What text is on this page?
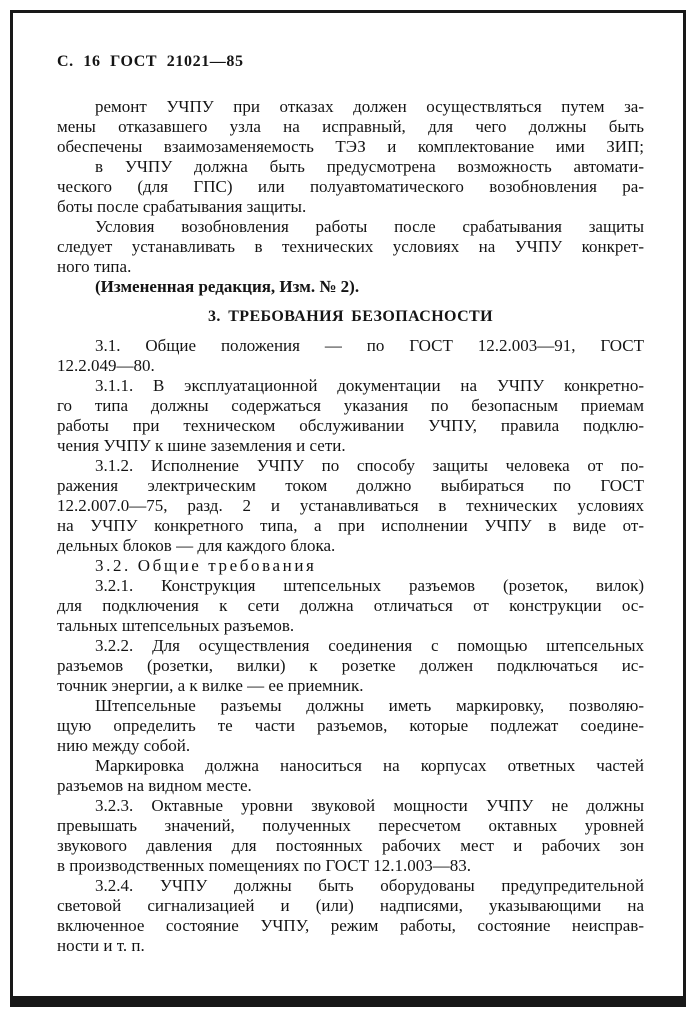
С. 16 ГОСТ 21021—85
ремонт УЧПУ при отказах должен осуществляться путем за-
мены отказавшего узла на исправный, для чего должны быть
обеспечены взаимозаменяемость ТЭЗ и комплектование ими ЗИП;
в УЧПУ должна быть предусмотрена возможность автомати-
ческого (для ГПС) или полуавтоматического возобновления ра-
боты после срабатывания защиты.
Условия возобновления работы после срабатывания защиты
следует устанавливать в технических условиях на УЧПУ конкрет-
ного типа.
(Измененная редакция, Изм. № 2).
3. ТРЕБОВАНИЯ БЕЗОПАСНОСТИ
3.1. Общие положения — по ГОСТ 12.2.003—91, ГОСТ
12.2.049—80.
3.1.1. В эксплуатационной документации на УЧПУ конкретно-
го типа должны содержаться указания по безопасным приемам
работы при техническом обслуживании УЧПУ, правила подклю-
чения УЧПУ к шине заземления и сети.
3.1.2. Исполнение УЧПУ по способу защиты человека от по-
ражения электрическим током должно выбираться по ГОСТ
12.2.007.0—75, разд. 2 и устанавливаться в технических условиях
на УЧПУ конкретного типа, а при исполнении УЧПУ в виде от-
дельных блоков — для каждого блока.
3.2. Общие требования
3.2.1. Конструкция штепсельных разъемов (розеток, вилок)
для подключения к сети должна отличаться от конструкции ос-
тальных штепсельных разъемов.
3.2.2. Для осуществления соединения с помощью штепсельных
разъемов (розетки, вилки) к розетке должен подключаться ис-
точник энергии, а к вилке — ее приемник.
Штепсельные разъемы должны иметь маркировку, позволяю-
щую определить те части разъемов, которые подлежат соедине-
нию между собой.
Маркировка должна наноситься на корпусах ответных частей
разъемов на видном месте.
3.2.3. Октавные уровни звуковой мощности УЧПУ не должны
превышать значений, полученных пересчетом октавных уровней
звукового давления для постоянных рабочих мест и рабочих зон
в производственных помещениях по ГОСТ 12.1.003—83.
3.2.4. УЧПУ должны быть оборудованы предупредительной
световой сигнализацией и (или) надписями, указывающими на
включенное состояние УЧПУ, режим работы, состояние неисправ-
ности и т. п.
